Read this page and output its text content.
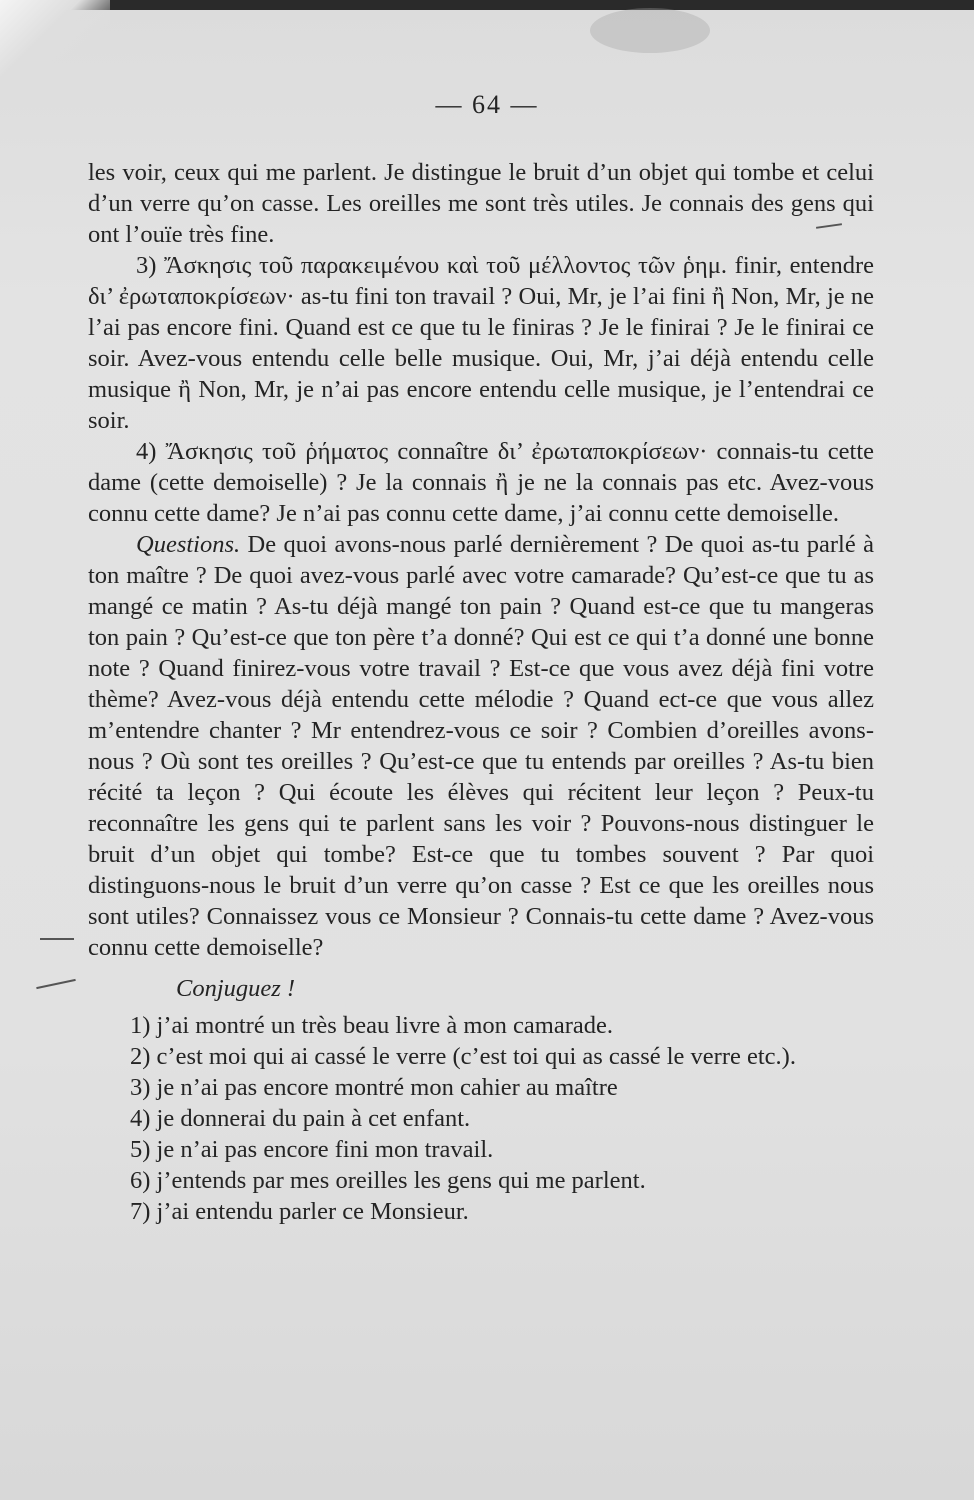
— 64 —

les voir, ceux qui me parlent. Je distingue le bruit d’un objet qui tombe et celui d’un verre qu’on casse. Les oreilles me sont très utiles. Je connais des gens qui ont l’ouïe très fine.

3) Ἄσκησις τοῦ παρακειμένου καὶ τοῦ μέλλοντος τῶν ῥημ. finir, entendre δι’ ἐρωταποκρίσεων· as-tu fini ton travail ? Oui, Mr, je l’ai fini ἢ Non, Mr, je ne l’ai pas encore fini. Quand est ce que tu le finiras ? Je le finirai ? Je le finirai ce soir. Avez-vous entendu celle belle musique. Oui, Mr, j’ai déjà entendu celle musique ἢ Non, Mr, je n’ai pas encore entendu celle musique, je l’entendrai ce soir.

4) Ἄσκησις τοῦ ῥήματος connaître δι’ ἐρωταποκρίσεων· connais-tu cette dame (cette demoiselle) ? Je la connais ἢ je ne la connais pas etc. Avez-vous connu cette dame? Je n’ai pas connu cette dame, j’ai connu cette demoiselle.

Questions. De quoi avons-nous parlé dernièrement ? De quoi as-tu parlé à ton maître ? De quoi avez-vous parlé avec votre camarade? Qu’est-ce que tu as mangé ce matin ? As-tu déjà mangé ton pain ? Quand est-ce que tu mangeras ton pain ? Qu’est-ce que ton père t’a donné? Qui est ce qui t’a donné une bonne note ? Quand finirez-vous votre travail ? Est-ce que vous avez déjà fini votre thème? Avez-vous déjà entendu cette mélodie ? Quand ect-ce que vous allez m’entendre chanter ? Mr entendrez-vous ce soir ? Combien d’oreilles avons-nous ? Où sont tes oreilles ? Qu’est-ce que tu entends par oreilles ? As-tu bien récité ta leçon ? Qui écoute les élèves qui récitent leur leçon ? Peux-tu reconnaître les gens qui te parlent sans les voir ? Pouvons-nous distinguer le bruit d’un objet qui tombe? Est-ce que tu tombes souvent ? Par quoi distinguons-nous le bruit d’un verre qu’on casse ? Est ce que les oreilles nous sont utiles? Connaissez vous ce Monsieur ? Connais-tu cette dame ? Avez-vous connu cette demoiselle?

Conjuguez !

1) j’ai montré un très beau livre à mon camarade.

2) c’est moi qui ai cassé le verre (c’est toi qui as cassé le verre etc.).

3) je n’ai pas encore montré mon cahier au maître

4) je donnerai du pain à cet enfant.

5) je n’ai pas encore fini mon travail.

6) j’entends par mes oreilles les gens qui me parlent.

7) j’ai entendu parler ce Monsieur.
